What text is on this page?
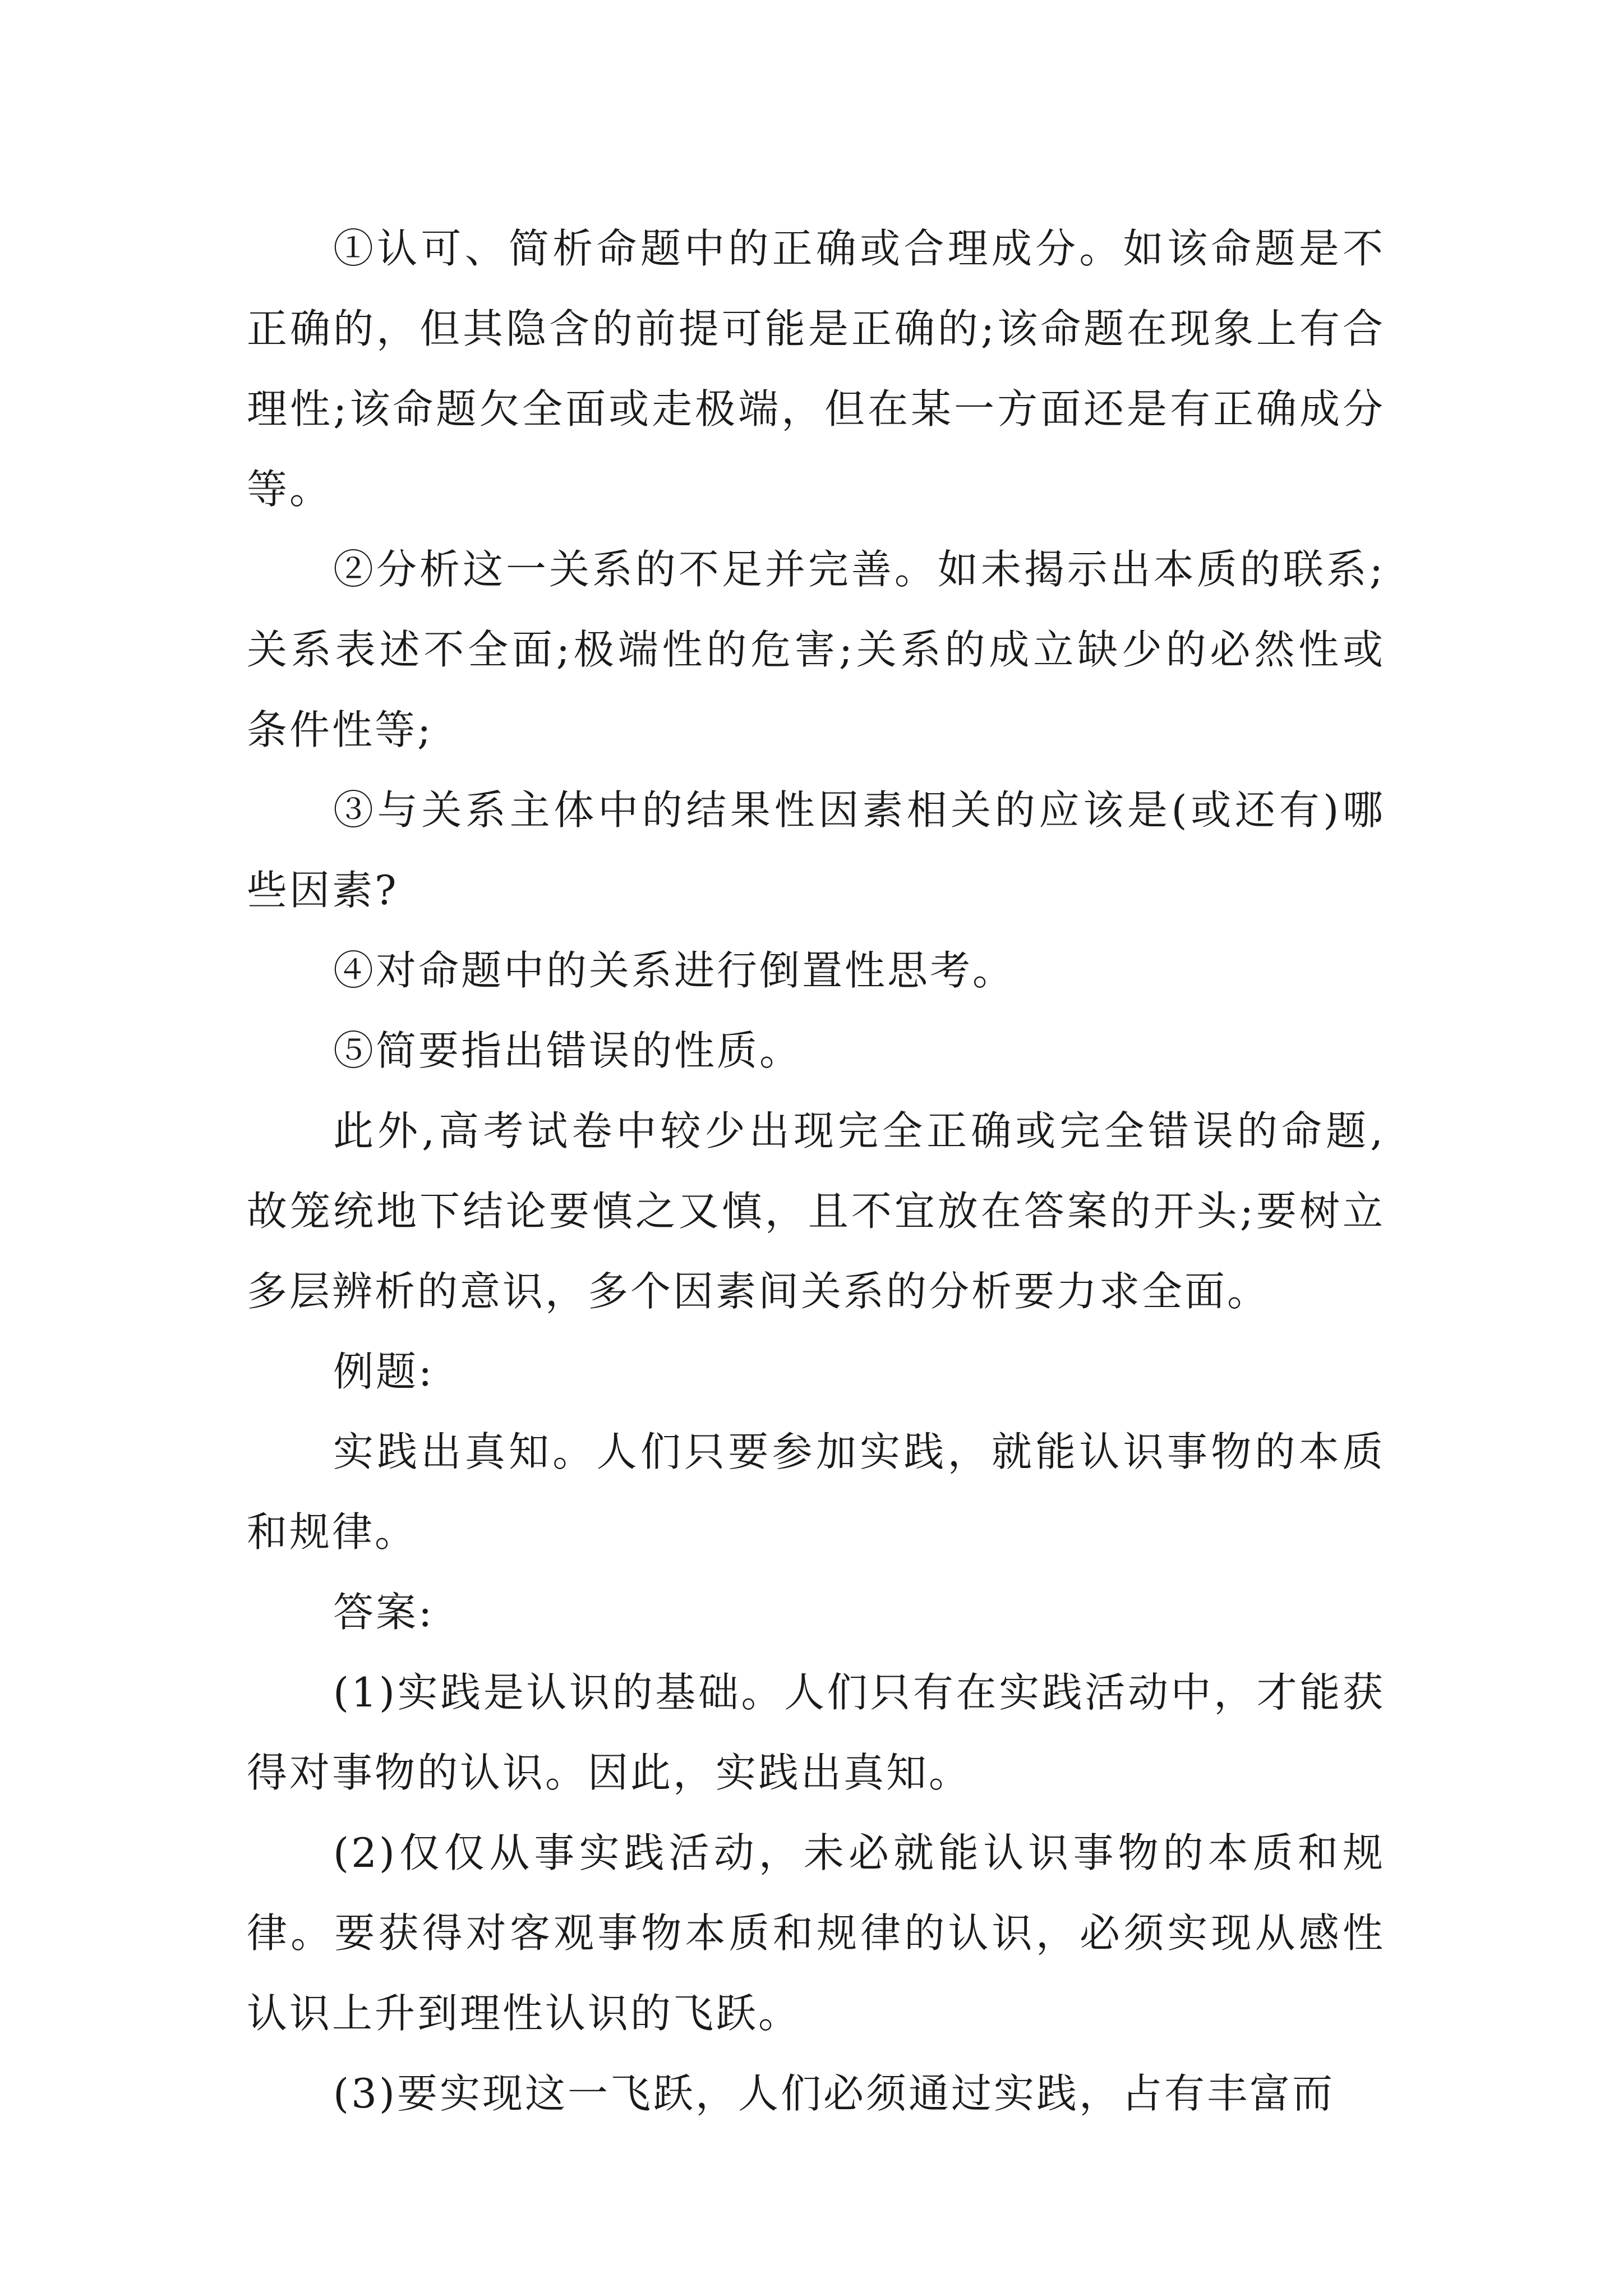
①认可、简析命题中的正确或合理成分。如该命题是不正确的，但其隐含的前提可能是正确的;该命题在现象上有合理性;该命题欠全面或走极端，但在某一方面还是有正确成分等。

②分析这一关系的不足并完善。如未揭示出本质的联系;关系表述不全面;极端性的危害;关系的成立缺少的必然性或条件性等;

③与关系主体中的结果性因素相关的应该是(或还有)哪些因素?

④对命题中的关系进行倒置性思考。

⑤简要指出错误的性质。

此外,高考试卷中较少出现完全正确或完全错误的命题,故笼统地下结论要慎之又慎，且不宜放在答案的开头;要树立多层辨析的意识，多个因素间关系的分析要力求全面。

例题:

实践出真知。人们只要参加实践，就能认识事物的本质和规律。

答案:

(1)实践是认识的基础。人们只有在实践活动中，才能获得对事物的认识。因此，实践出真知。

(2)仅仅从事实践活动，未必就能认识事物的本质和规律。要获得对客观事物本质和规律的认识，必须实现从感性认识上升到理性认识的飞跃。

(3)要实现这一飞跃，人们必须通过实践，占有丰富而
